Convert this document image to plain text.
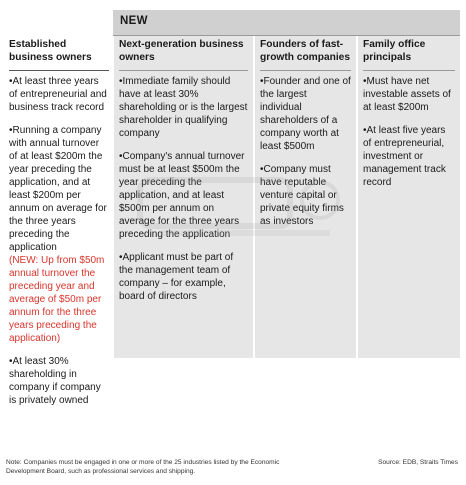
NEW
Established business owners
• At least three years of entrepreneurial and business track record
• Running a company with annual turnover of at least $200m the year preceding the application, and at least $200m per annum on average for the three years preceding the application
(NEW: Up from $50m annual turnover the preceding year and average of $50m per annum for the three years preceding the application)
• At least 30% shareholding in company if company is privately owned
Next-generation business owners
• Immediate family should have at least 30% shareholding or is the largest shareholder in qualifying company
• Company's annual turnover must be at least $500m the year preceding the application, and at least $500m per annum on average for the three years preceding the application
• Applicant must be part of the management team of company – for example, board of directors
Founders of fast-growth companies
• Founder and one of the largest individual shareholders of a company worth at least $500m
• Company must have reputable venture capital or private equity firms as investors
Family office principals
• Must have net investable assets of at least $200m
• At least five years of entrepreneurial, investment or management track record
Note: Companies must be engaged in one or more of the 25 industries listed by the Economic Development Board, such as professional services and shipping.
Source: EDB, Straits Times
